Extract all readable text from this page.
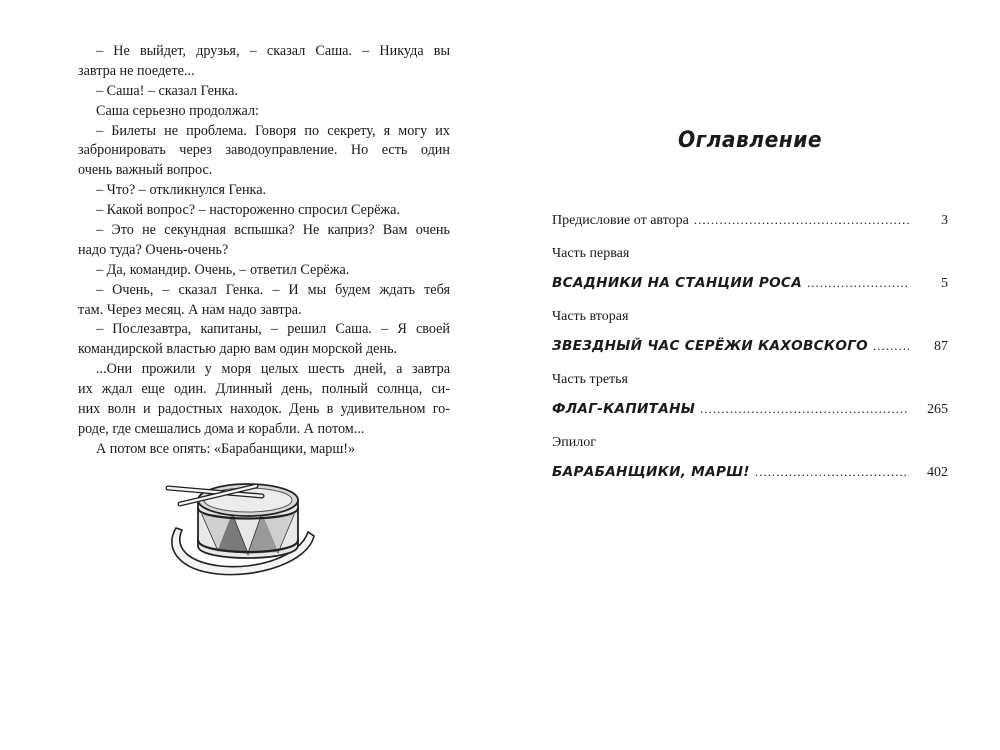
– Не выйдет, друзья, – сказал Саша. – Никуда вы
завтра не поедете...
– Саша! – сказал Генка.
Саша серьезно продолжал:
– Билеты не проблема. Говоря по секрету, я могу их
забронировать через заводоуправление. Но есть один
очень важный вопрос.
– Что? – откликнулся Генка.
– Какой вопрос? – настороженно спросил Серёжа.
– Это не секундная вспышка? Не каприз? Вам очень
надо туда? Очень-очень?
– Да, командир. Очень, – ответил Серёжа.
– Очень, – сказал Генка. – И мы будем ждать тебя
там. Через месяц. А нам надо завтра.
– Послезавтра, капитаны, – решил Саша. – Я своей
командирской властью дарю вам один морской день.
...Они прожили у моря целых шесть дней, а завтра
их ждал еще один. Длинный день, полный солнца, си-
них волн и радостных находок. День в удивительном го-
роде, где смешались дома и корабли. А потом...
А потом все опять: «Барабанщики, марш!»
Оглавление
Предисловие от автора .....	3
Часть первая
ВСАДНИКИ НА СТАНЦИИ РОСА .....	5
Часть вторая
ЗВЕЗДНЫЙ ЧАС СЕРЁЖИ КАХОВСКОГО .....	87
Часть третья
ФЛАГ-КАПИТАНЫ .....	265
Эпилог
БАРАБАНЩИКИ, МАРШ! .....	402
